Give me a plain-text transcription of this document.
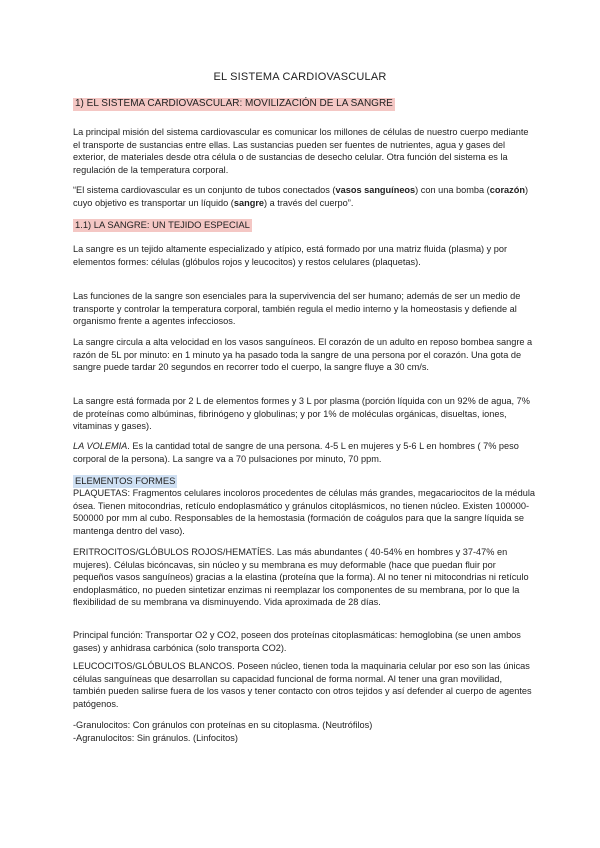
EL SISTEMA CARDIOVASCULAR
1) EL SISTEMA CARDIOVASCULAR: MOVILIZACIÓN DE LA SANGRE

La principal misión del sistema cardiovascular es comunicar los millones de células de nuestro cuerpo mediante el transporte de sustancias entre ellas. Las sustancias pueden ser fuentes de nutrientes, agua y gases del exterior, de materiales desde otra célula o de sustancias de desecho celular. Otra función del sistema es la regulación de la temperatura corporal.

“El sistema cardiovascular es un conjunto de tubos conectados (vasos sanguíneos) con una bomba (corazón) cuyo objetivo es transportar un líquido (sangre) a través del cuerpo”.

1.1) LA SANGRE: UN TEJIDO ESPECIAL

La sangre es un tejido altamente especializado y atípico, está formado por una matriz fluida (plasma) y por elementos formes: células (glóbulos rojos y leucocitos) y restos celulares (plaquetas).

Las funciones de la sangre son esenciales para la supervivencia del ser humano; además de ser un medio de transporte y controlar la temperatura corporal, también regula el medio interno y la homeostasis y defiende al organismo frente a agentes infecciosos.

La sangre circula a alta velocidad en los vasos sanguíneos. El corazón de un adulto en reposo bombea sangre a razón de 5L por minuto: en 1 minuto ya ha pasado toda la sangre de una persona por el corazón. Una gota de sangre puede tardar 20 segundos en recorrer todo el cuerpo, la sangre fluye a 30 cm/s.

La sangre está formada por 2 L de elementos formes y 3 L por plasma (porción líquida con un 92% de agua, 7% de proteínas como albúminas, fibrinógeno y globulinas; y por 1% de moléculas orgánicas, disueltas, iones, vitaminas y gases).

LA VOLEMIA. Es la cantidad total de sangre de una persona. 4-5 L en mujeres y 5-6 L en hombres ( 7% peso corporal de la persona). La sangre va a 70 pulsaciones por minuto, 70 ppm.

ELEMENTOS FORMES

PLAQUETAS: Fragmentos celulares incoloros procedentes de células más grandes, megacariocitos de la médula ósea. Tienen mitocondrias, retículo endoplasmático y gránulos citoplásmicos, no tienen núcleo. Existen 100000-500000 por mm al cubo. Responsables de la hemostasia (formación de coágulos para que la sangre líquida se mantenga dentro del vaso).

ERITROCITOS/GLÓBULOS ROJOS/HEMATÍES. Las más abundantes ( 40-54% en hombres y 37-47% en mujeres). Células bicóncavas, sin núcleo y su membrana es muy deformable (hace que puedan fluir por pequeños vasos sanguíneos) gracias a la elastina (proteína que la forma). Al no tener ni mitocondrias ni retículo endoplasmático, no pueden sintetizar enzimas ni reemplazar los componentes de su membrana, por lo que la flexibilidad de su membrana va disminuyendo. Vida aproximada de 28 días.

Principal función: Transportar O2 y CO2, poseen dos proteínas citoplasmáticas: hemoglobina (se unen ambos gases) y anhidrasa carbónica (solo transporta CO2).

LEUCOCITOS/GLÓBULOS BLANCOS. Poseen núcleo, tienen toda la maquinaria celular por eso son las únicas células sanguíneas que desarrollan su capacidad funcional de forma normal. Al tener una gran movilidad, también pueden salirse fuera de los vasos y tener contacto con otros tejidos y así defender al cuerpo de agentes patógenos.

-Granulocitos: Con gránulos con proteínas en su citoplasma. (Neutrófilos)
-Agranulocitos: Sin gránulos. (Linfocitos)
